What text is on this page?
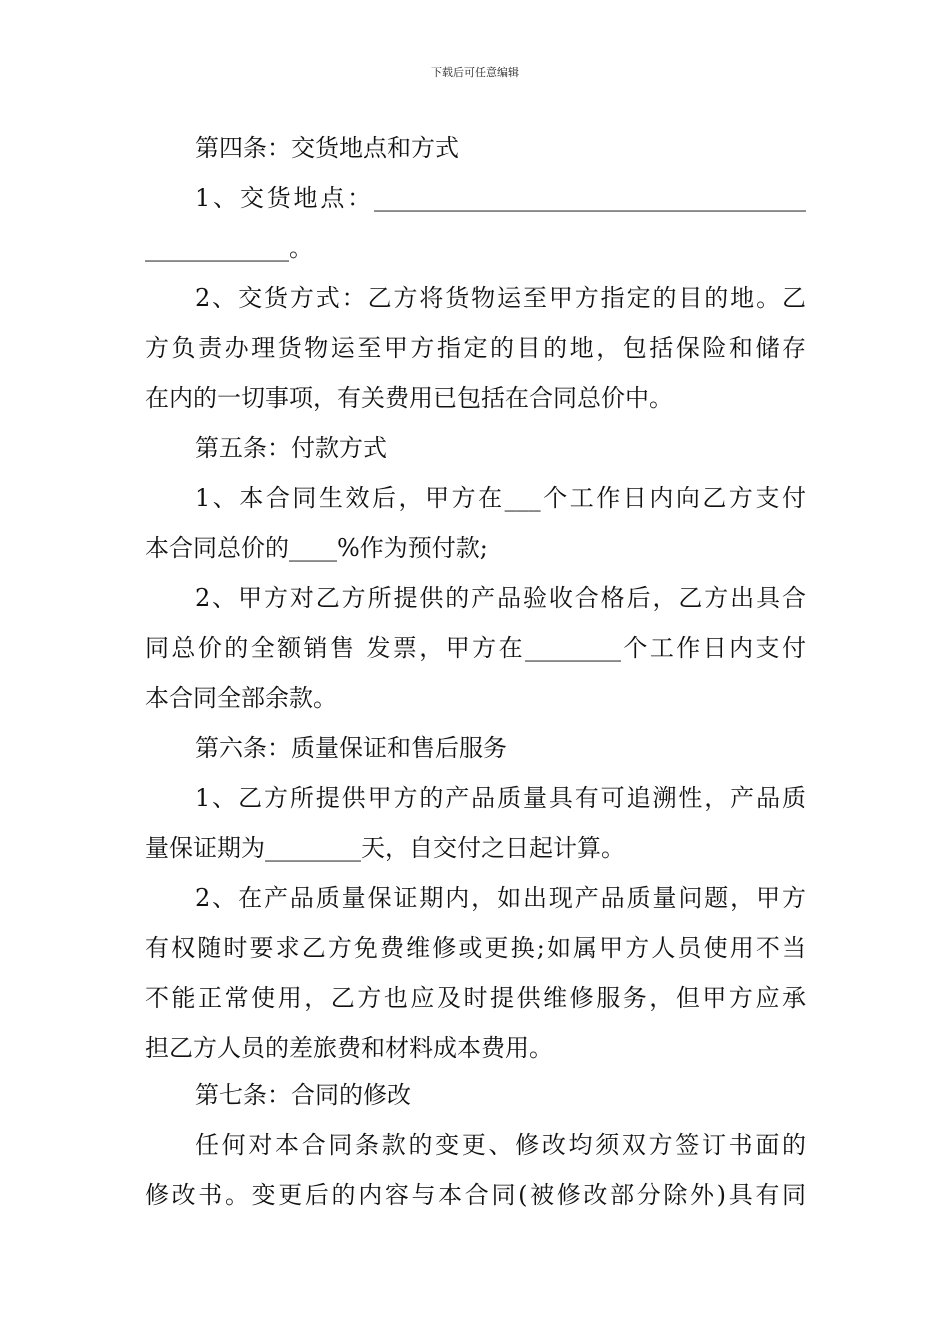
下载后可任意编辑
第四条：交货地点和方式
1、交货地点：____________________________________
____________。
2、交货方式：乙方将货物运至甲方指定的目的地。乙
方负责办理货物运至甲方指定的目的地，包括保险和储存
在内的一切事项，有关费用已包括在合同总价中。
第五条：付款方式
1、本合同生效后，甲方在___个工作日内向乙方支付
本合同总价的____%作为预付款;
2、甲方对乙方所提供的产品验收合格后，乙方出具合
同总价的全额销售 发票，甲方在________个工作日内支付
本合同全部余款。
第六条：质量保证和售后服务
1、乙方所提供甲方的产品质量具有可追溯性，产品质
量保证期为________天，自交付之日起计算。
2、在产品质量保证期内，如出现产品质量问题，甲方
有权随时要求乙方免费维修或更换;如属甲方人员使用不当
不能正常使用，乙方也应及时提供维修服务，但甲方应承
担乙方人员的差旅费和材料成本费用。
第七条：合同的修改
任何对本合同条款的变更、修改均须双方签订书面的
修改书。变更后的内容与本合同(被修改部分除外)具有同
